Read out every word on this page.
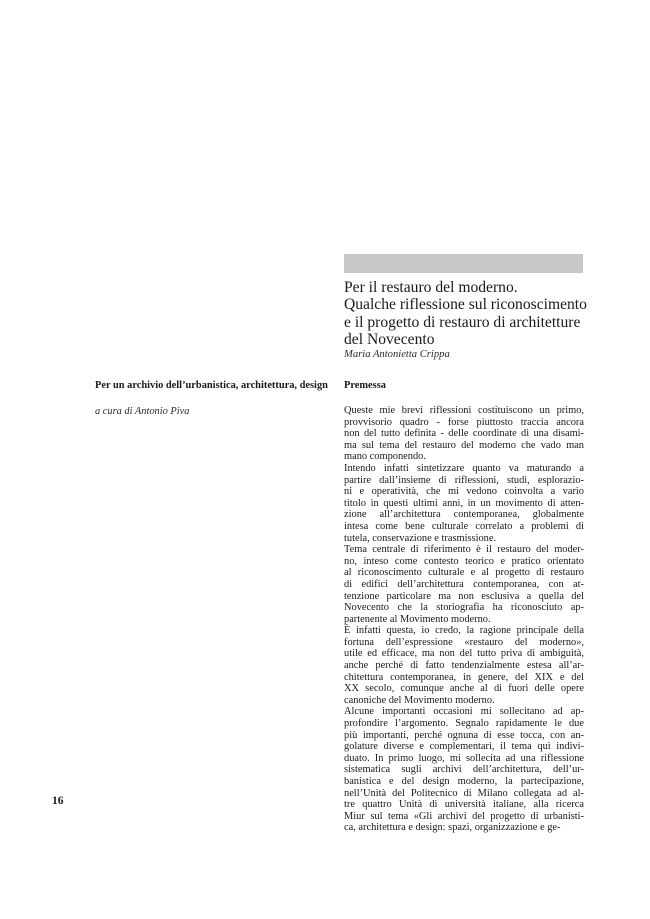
Per il restauro del moderno.
Qualche riflessione sul riconoscimento
e il progetto di restauro di architetture
del Novecento
Maria Antonietta Crippa

Per un archivio dell’urbanistica, architettura, design

a cura di Antonio Piva
Premessa
Queste mie brevi riflessioni costituiscono un primo,
provvisorio quadro - forse piuttosto traccia ancora
non del tutto definita - delle coordinate di una disami-
ma sul tema del restauro del moderno che vado man
mano componendo.
Intendo infatti sintetizzare quanto va maturando a
partire dall’insieme di riflessioni, studi, esplorazio-
ni e operatività, che mi vedono coinvolta a vario
titolo in questi ultimi anni, in un movimento di atten-
zione all’architettura contemporanea, globalmente
intesa come bene culturale correlato a problemi di
tutela, conservazione e trasmissione.
Tema centrale di riferimento è il restauro del moder-
no, inteso come contesto teorico e pratico orientato
al riconoscimento culturale e al progetto di restauro
di edifici dell’architettura contemporanea, con at-
tenzione particolare ma non esclusiva a quella del
Novecento che la storiografia ha riconosciuto ap-
partenente al Movimento moderno.
È infatti questa, io credo, la ragione principale della
fortuna dell’espressione «restauro del moderno»,
utile ed efficace, ma non del tutto priva di ambiguità,
anche perché di fatto tendenzialmente estesa all’ar-
chitettura contemporanea, in genere, del XIX e del
XX secolo, comunque anche al di fuori delle opere
canoniche del Movimento moderno.
Alcune importanti occasioni mi sollecitano ad ap-
profondire l’argomento. Segnalo rapidamente le due
più importanti, perché ognuna di esse tocca, con an-
golature diverse e complementari, il tema qui indivi-
duato. In primo luogo, mi sollecita ad una riflessione
sistematica sugli archivi dell’architettura, dell’ur-
banistica e del design moderno, la partecipazione,
nell’Unità del Politecnico di Milano collegata ad al-
tre quattro Unità di università italiane, alla ricerca
Miur sul tema «Gli archivi del progetto di urbanisti-
ca, architettura e design: spazi, organizzazione e ge-
16
